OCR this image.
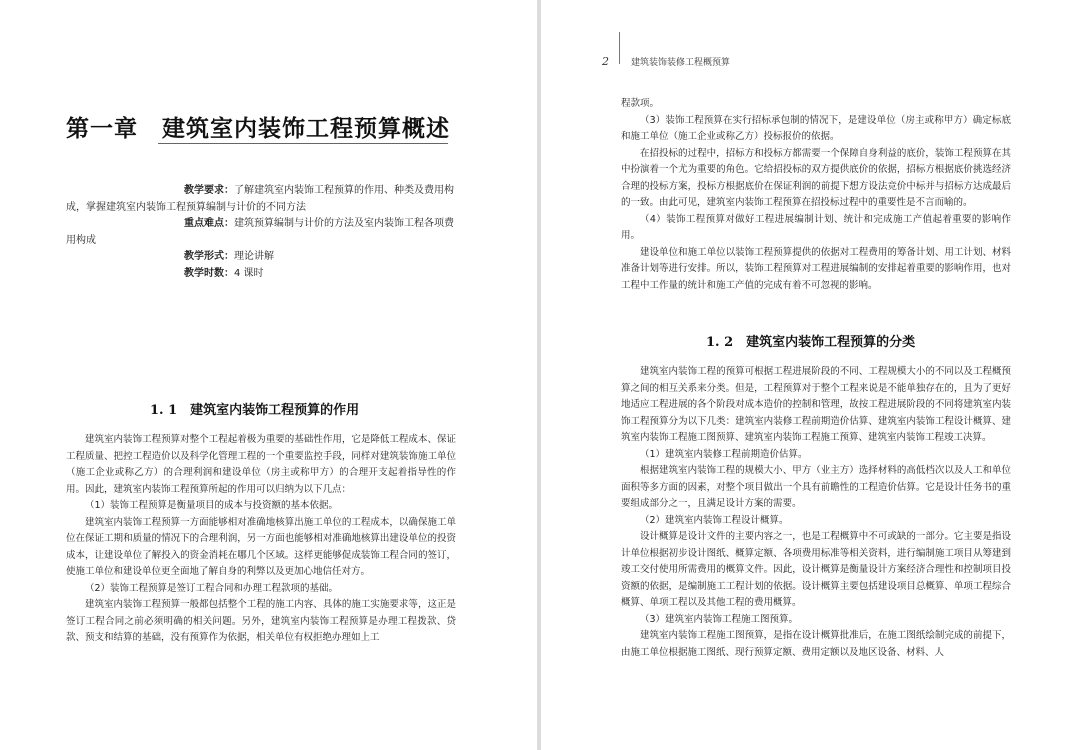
第一章　建筑室内装饰工程预算概述
教学要求：了解建筑室内装饰工程预算的作用、种类及费用构成，掌握建筑室内装饰工程预算编制与计价的不同方法
重点难点：建筑预算编制与计价的方法及室内装饰工程各项费用构成
教学形式：理论讲解
教学时数：4 课时
1. 1　建筑室内装饰工程预算的作用

建筑室内装饰工程预算对整个工程起着极为重要的基础性作用，它是降低工程成本、保证工程质量、把控工程造价以及科学化管理工程的一个重要监控手段，同样对建筑装饰施工单位（施工企业或称乙方）的合理利润和建设单位（房主或称甲方）的合理开支起着指导性的作用。因此，建筑室内装饰工程预算所起的作用可以归纳为以下几点：

（1）装饰工程预算是衡量项目的成本与投资额的基本依据。

建筑室内装饰工程预算一方面能够相对准确地核算出施工单位的工程成本，以确保施工单位在保证工期和质量的情况下的合理利润，另一方面也能够相对准确地核算出建设单位的投资成本，让建设单位了解投入的资金消耗在哪几个区域。这样更能够促成装饰工程合同的签订，使施工单位和建设单位更全面地了解自身的利弊以及更加心地信任对方。

（2）装饰工程预算是签订工程合同和办理工程款项的基础。

建筑室内装饰工程预算一般都包括整个工程的施工内容、具体的施工实施要求等，这正是签订工程合同之前必须明确的相关问题。另外，建筑室内装饰工程预算是办理工程拨款、贷款、预支和结算的基础，没有预算作为依据，相关单位有权拒绝办理如上工

2 建筑装饰装修工程概预算

程款项。

（3）装饰工程预算在实行招标承包制的情况下，是建设单位（房主或称甲方）确定标底和施工单位（施工企业或称乙方）投标报价的依据。

在招投标的过程中，招标方和投标方都需要一个保障自身利益的底价，装饰工程预算在其中扮演着一个尤为重要的角色。它给招投标的双方提供底价的依据，招标方根据底价挑选经济合理的投标方案，投标方根据底价在保证利润的前提下想方设法竞价中标并与招标方达成最后的一致。由此可见，建筑室内装饰工程预算在招投标过程中的重要性是不言而喻的。

（4）装饰工程预算对做好工程进展编制计划、统计和完成施工产值起着重要的影响作用。

建设单位和施工单位以装饰工程预算提供的依据对工程费用的筹备计划、用工计划、材料准备计划等进行安排。所以，装饰工程预算对工程进展编制的安排起着重要的影响作用，也对工程中工作量的统计和施工产值的完成有着不可忽视的影响。

1. 2　建筑室内装饰工程预算的分类

建筑室内装饰工程的预算可根据工程进展阶段的不同、工程规模大小的不同以及工程概预算之间的相互关系来分类。但是，工程预算对于整个工程来说是不能单独存在的，且为了更好地适应工程进展的各个阶段对成本造价的控制和管理，故按工程进展阶段的不同将建筑室内装饰工程预算分为以下几类：建筑室内装修工程前期造价估算、建筑室内装饰工程设计概算、建筑室内装饰工程施工图预算、建筑室内装饰工程施工预算、建筑室内装饰工程竣工决算。

（1）建筑室内装修工程前期造价估算。

根据建筑室内装饰工程的规模大小、甲方（业主方）选择材料的高低档次以及人工和单位面积等多方面的因素，对整个项目做出一个具有前瞻性的工程造价估算。它是设计任务书的重要组成部分之一，且满足设计方案的需要。

（2）建筑室内装饰工程设计概算。

设计概算是设计文件的主要内容之一，也是工程概算中不可或缺的一部分。它主要是指设计单位根据初步设计图纸、概算定额、各项费用标准等相关资料，进行编制施工项目从筹建到竣工交付使用所需费用的概算文件。因此，设计概算是衡量设计方案经济合理性和控制项目投资额的依据，是编制施工工程计划的依据。设计概算主要包括建设项目总概算、单项工程综合概算、单项工程以及其他工程的费用概算。

（3）建筑室内装饰工程施工图预算。

建筑室内装饰工程施工图预算，是指在设计概算批准后，在施工图纸绘制完成的前提下，由施工单位根据施工图纸、现行预算定额、费用定额以及地区设备、材料、人
